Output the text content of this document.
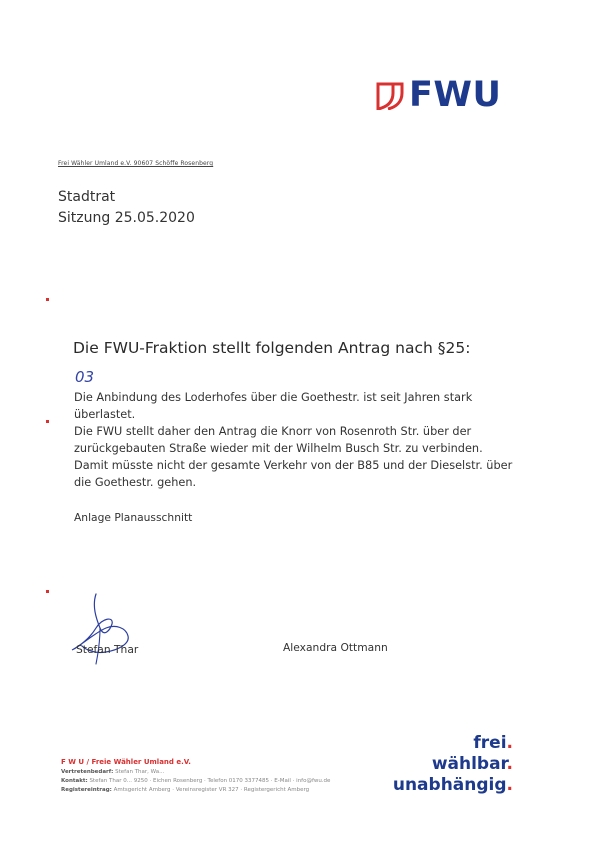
FWU
Frei Wähler Umland e.V. 90607 Schöffe Rosenberg
Stadtrat
Sitzung 25.05.2020
Die FWU-Fraktion stellt folgenden Antrag nach §25:
03

Die Anbindung des Loderhofes über die Goethestr. ist seit Jahren stark überlastet.

Die FWU stellt daher den Antrag die Knorr von Rosenroth Str. über der zurückgebauten Straße wieder mit der Wilhelm Busch Str. zu verbinden. Damit müsste nicht der gesamte Verkehr von der B85 und der Dieselstr. über die Goethestr. gehen.

Anlage Planausschnitt
Stefan Thar	Alexandra Ottmann
F W U / Freie Wähler Umland e.V.
Vertretenbedarf: Stefan Thar, Wa...
Kontakt: Stefan Thar 0... 9250 · Eichen Rosenberg · Telefon 0170 3377485 · E-Mail · info@fwu.de
Registereintrag: Amtsgericht Amberg · Vereinsregister VR 327 · Registergericht Amberg
frei.
wählbar.
unabhängig.
